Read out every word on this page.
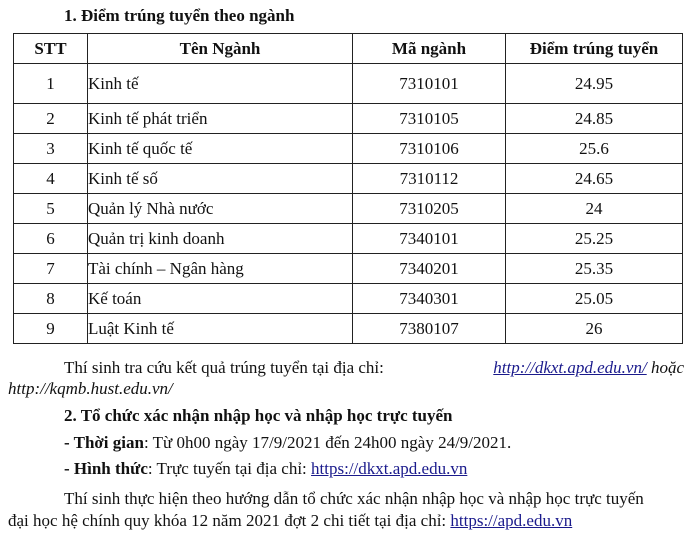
1. Điểm trúng tuyển theo ngành
STT	Tên Ngành	Mã ngành	Điểm trúng tuyển
1	Kinh tế	7310101	24.95
2	Kinh tế phát triển	7310105	24.85
3	Kinh tế quốc tế	7310106	25.6
4	Kinh tế số	7310112	24.65
5	Quản lý Nhà nước	7310205	24
6	Quản trị kinh doanh	7340101	25.25
7	Tài chính – Ngân hàng	7340201	25.35
8	Kế toán	7340301	25.05
9	Luật Kinh tế	7380107	26
Thí sinh tra cứu kết quả trúng tuyển tại địa chỉ:	http://dkxt.apd.edu.vn/ hoặc
http://kqmb.hust.edu.vn/
2. Tổ chức xác nhận nhập học và nhập học trực tuyến
- Thời gian: Từ 0h00 ngày 17/9/2021 đến 24h00 ngày 24/9/2021.
- Hình thức: Trực tuyến tại địa chỉ: https://dkxt.apd.edu.vn
Thí sinh thực hiện theo hướng dẫn tổ chức xác nhận nhập học và nhập học trực tuyến
đại học hệ chính quy khóa 12 năm 2021 đợt 2 chi tiết tại địa chỉ: https://apd.edu.vn
